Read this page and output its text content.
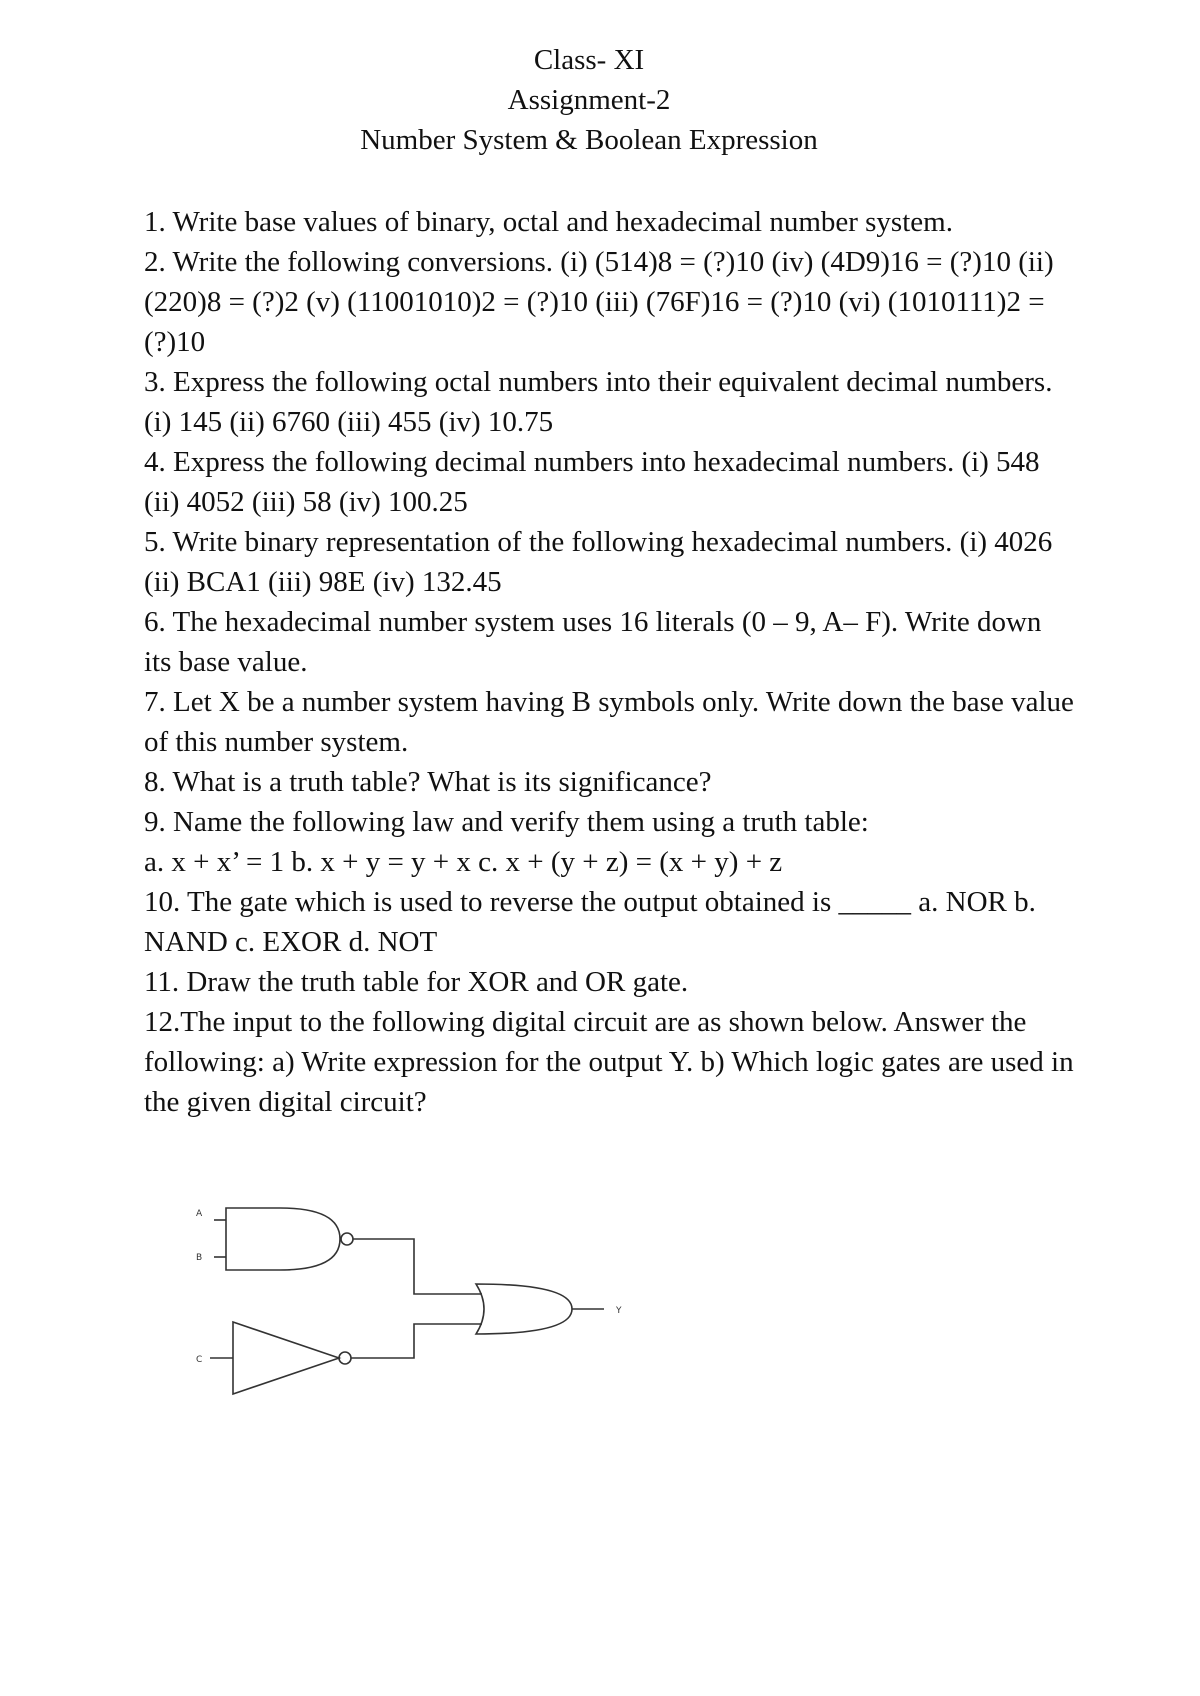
Class- XI
Assignment-2
Number System & Boolean Expression
1. Write base values of binary, octal and hexadecimal number system.
2. Write the following conversions. (i) (514)8 = (?)10 (iv) (4D9)16 = (?)10 (ii) (220)8 = (?)2 (v) (11001010)2 = (?)10 (iii) (76F)16 = (?)10 (vi) (1010111)2 = (?)10
3. Express the following octal numbers into their equivalent decimal numbers. (i) 145 (ii) 6760 (iii) 455 (iv) 10.75
4. Express the following decimal numbers into hexadecimal numbers. (i) 548 (ii) 4052 (iii) 58 (iv) 100.25
5. Write binary representation of the following hexadecimal numbers. (i) 4026 (ii) BCA1 (iii) 98E (iv) 132.45
6. The hexadecimal number system uses 16 literals (0 – 9, A– F). Write down its base value.
7. Let X be a number system having B symbols only. Write down the base value of this number system.
8. What is a truth table? What is its significance?
9. Name the following law and verify them using a truth table:
a. x + x’ = 1 b. x + y = y + x c. x + (y + z) = (x + y) + z
10. The gate which is used to reverse the output obtained is _____ a. NOR b. NAND c. EXOR d. NOT
11. Draw the truth table for XOR and OR gate.
12.The input to the following digital circuit are as shown below. Answer the following: a) Write expression for the output Y. b) Which logic gates are used in the given digital circuit?
A
B
C
Y
